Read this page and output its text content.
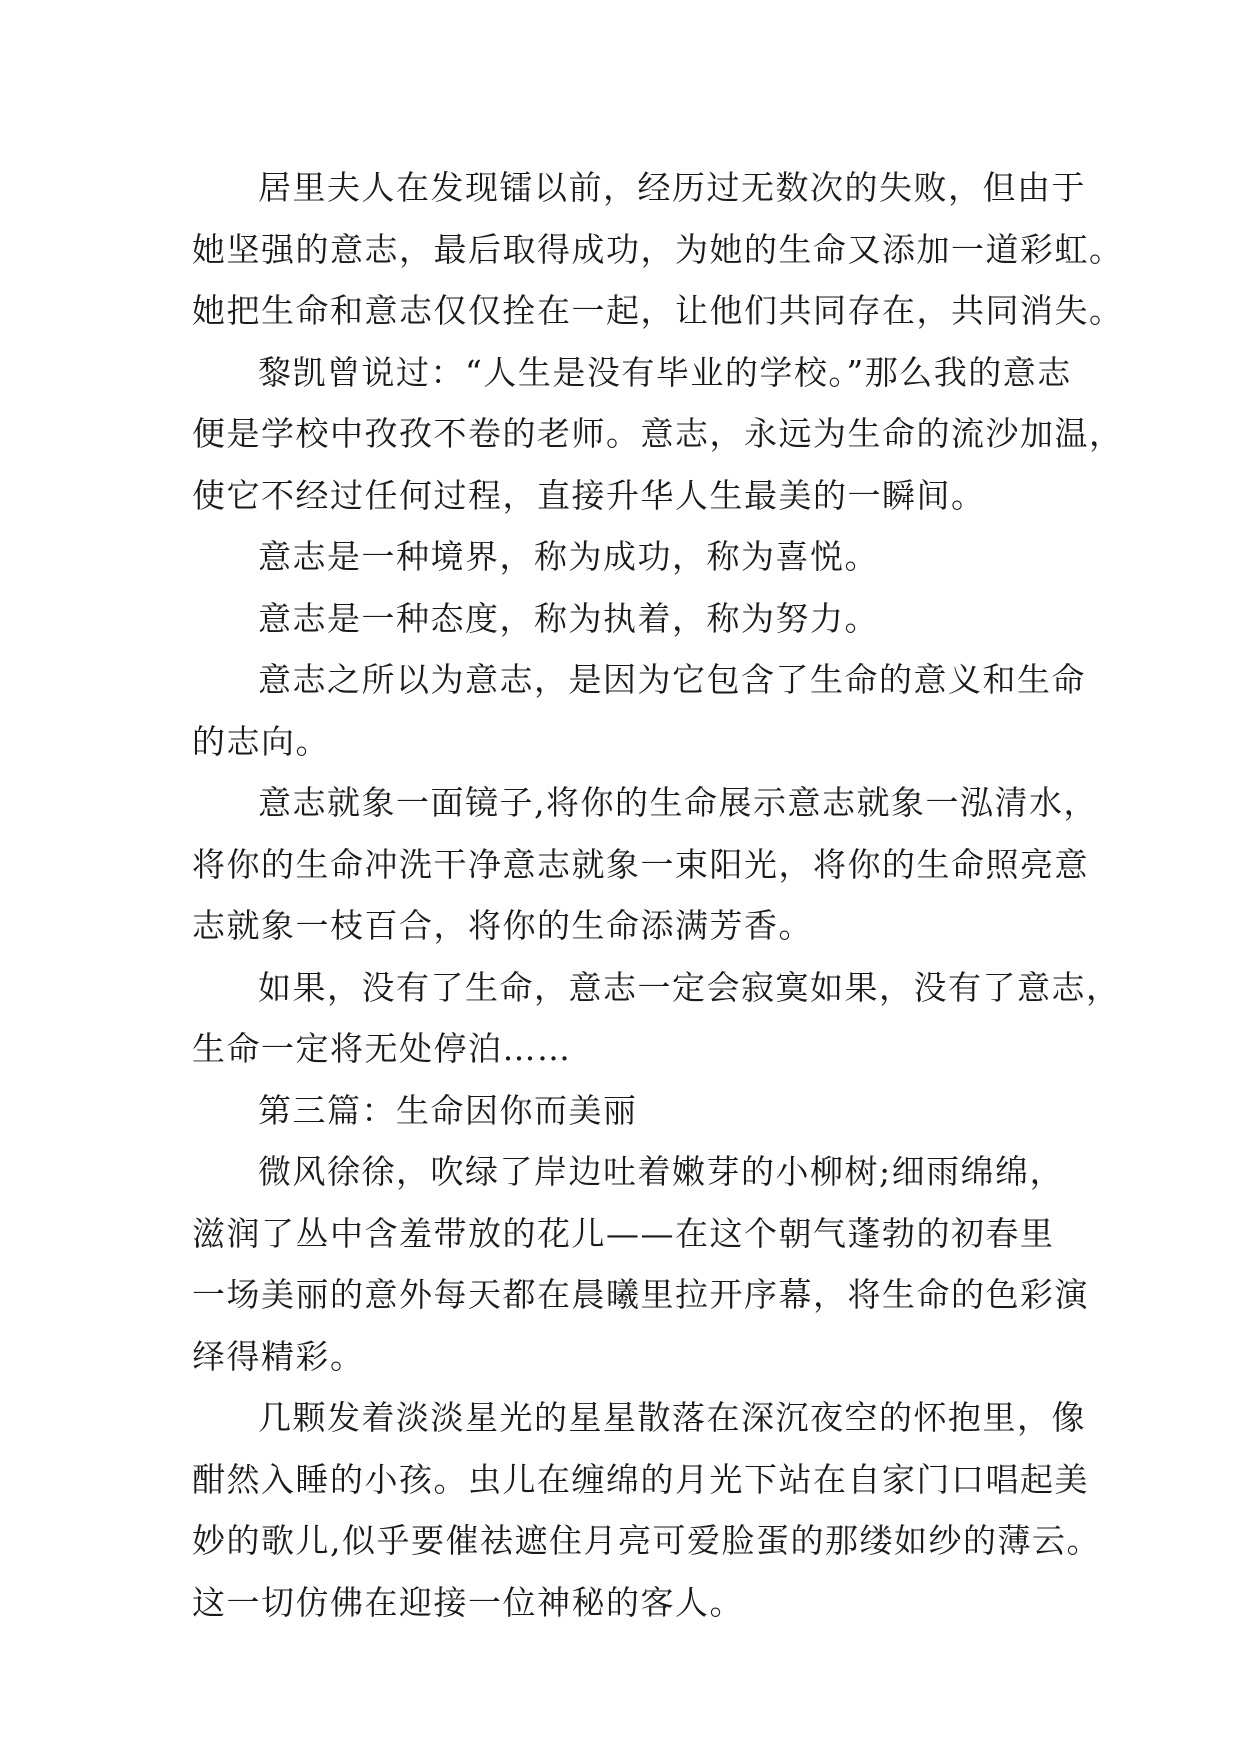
居里夫人在发现镭以前，经历过无数次的失败，但由于
她坚强的意志，最后取得成功，为她的生命又添加一道彩虹。
她把生命和意志仅仅拴在一起，让他们共同存在，共同消失。
黎凯曾说过：“人生是没有毕业的学校。”那么我的意志
便是学校中孜孜不卷的老师。意志，永远为生命的流沙加温，
使它不经过任何过程，直接升华人生最美的一瞬间。
意志是一种境界，称为成功，称为喜悦。
意志是一种态度，称为执着，称为努力。
意志之所以为意志，是因为它包含了生命的意义和生命
的志向。
意志就象一面镜子,将你的生命展示意志就象一泓清水，
将你的生命冲洗干净意志就象一束阳光，将你的生命照亮意
志就象一枝百合，将你的生命添满芳香。
如果，没有了生命，意志一定会寂寞如果，没有了意志，
生命一定将无处停泊……
第三篇：生命因你而美丽
微风徐徐，吹绿了岸边吐着嫩芽的小柳树;细雨绵绵，
滋润了丛中含羞带放的花儿——在这个朝气蓬勃的初春里
一场美丽的意外每天都在晨曦里拉开序幕，将生命的色彩演
绎得精彩。
几颗发着淡淡星光的星星散落在深沉夜空的怀抱里，像
酣然入睡的小孩。虫儿在缠绵的月光下站在自家门口唱起美
妙的歌儿,似乎要催祛遮住月亮可爱脸蛋的那缕如纱的薄云。
这一切仿佛在迎接一位神秘的客人。
